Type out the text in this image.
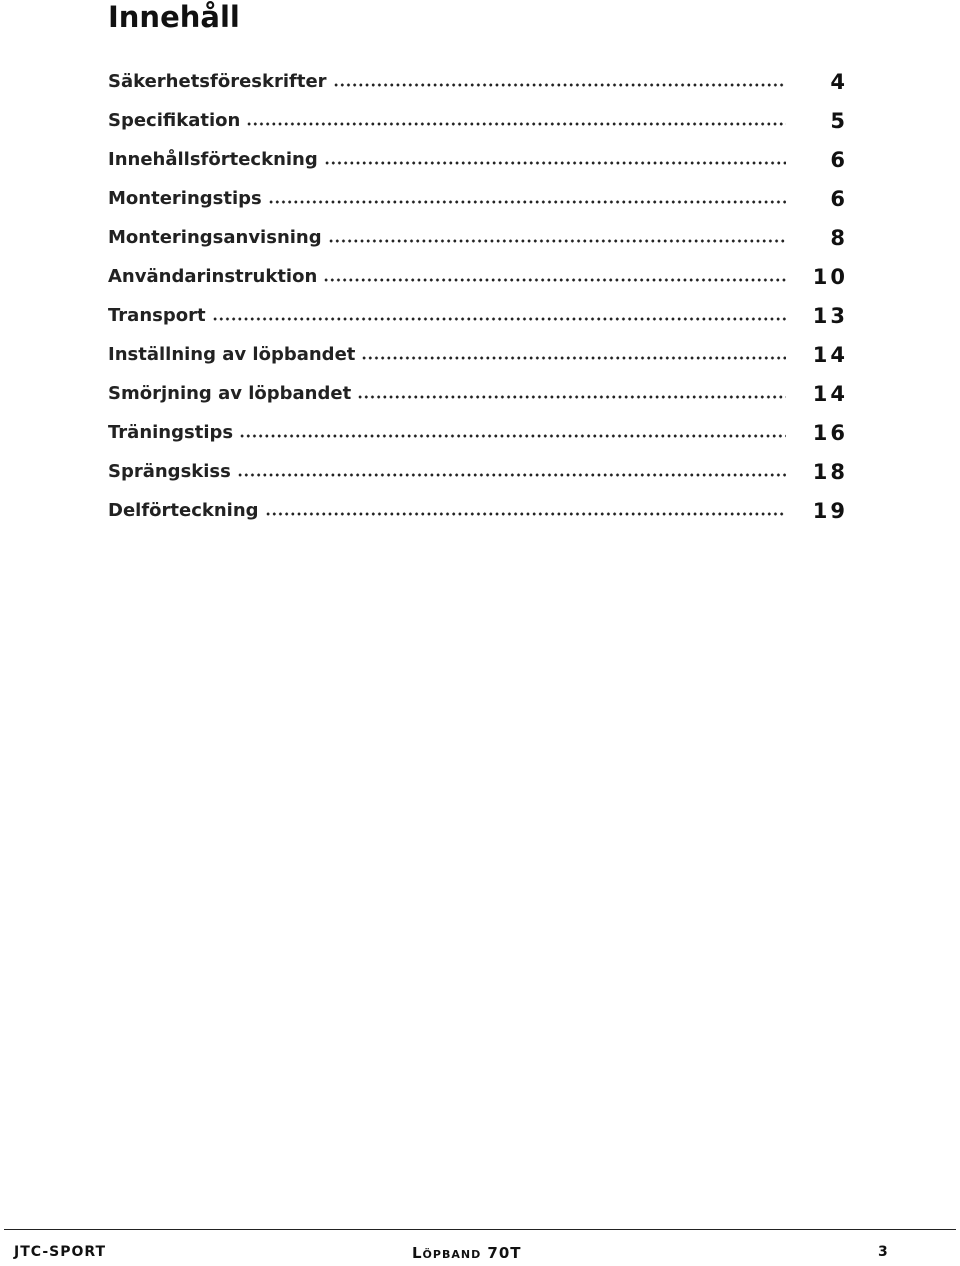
Innehåll
Säkerhetsföreskrifter	4
Specifikation	5
Innehållsförteckning	6
Monteringstips	6
Monteringsanvisning	8
Användarinstruktion	10
Transport	13
Inställning av löpbandet	14
Smörjning av löpbandet	14
Träningstips	16
Sprängskiss	18
Delförteckning	19
JTC-SPORT	Löpband 70T	3
